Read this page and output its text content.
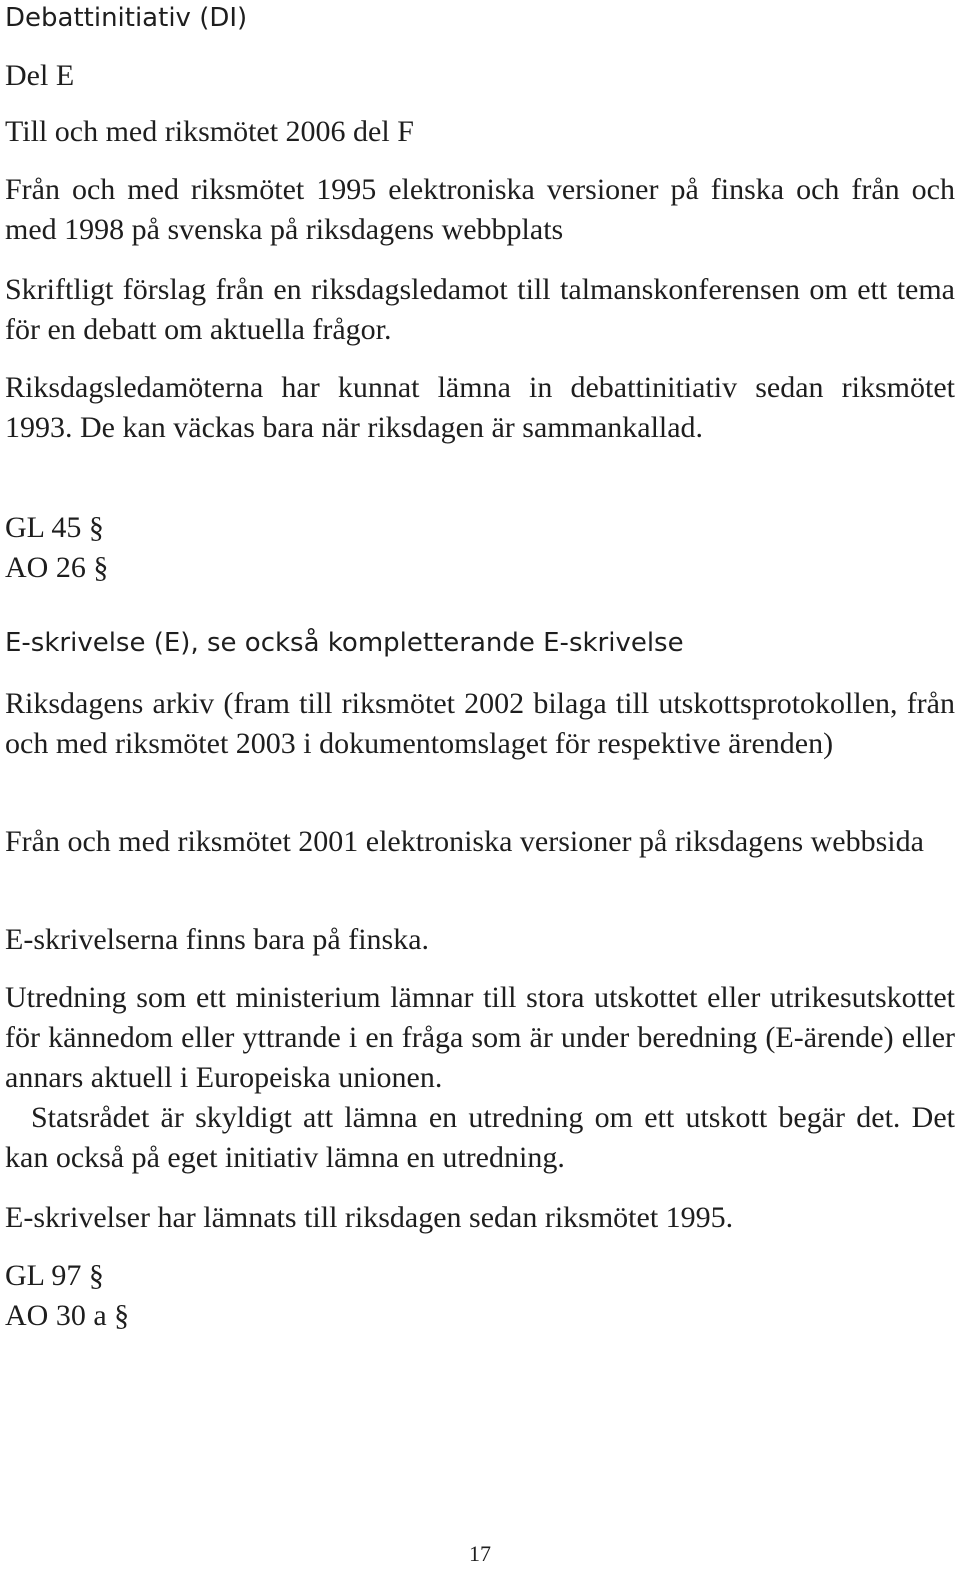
Debattinitiativ (DI)

Del E

Till och med riksmötet 2006 del F

Från och med riksmötet 1995 elektroniska versioner på finska och från och med 1998 på svenska på riksdagens webbplats

Skriftligt förslag från en riksdagsledamot till talmanskonferensen om ett tema för en debatt om aktuella frågor.

Riksdagsledamöterna har kunnat lämna in debattinitiativ sedan riksmötet 1993. De kan väckas bara när riksdagen är sammankallad.

GL 45 §

AO 26 §

E-skrivelse (E), se också kompletterande E-skrivelse

Riksdagens arkiv (fram till riksmötet 2002 bilaga till utskottsprotokollen, från och med riksmötet 2003 i dokumentomslaget för respektive ärenden)

Från och med riksmötet 2001 elektroniska versioner på riksdagens webbsida

E-skrivelserna finns bara på finska.

Utredning som ett ministerium lämnar till stora utskottet eller utrikesutskottet för kännedom eller yttrande i en fråga som är under beredning (E-ärende) eller annars aktuell i Europeiska unionen.

Statsrådet är skyldigt att lämna en utredning om ett utskott begär det. Det kan också på eget initiativ lämna en utredning.

E-skrivelser har lämnats till riksdagen sedan riksmötet 1995.

GL 97 §

AO 30 a §

17
